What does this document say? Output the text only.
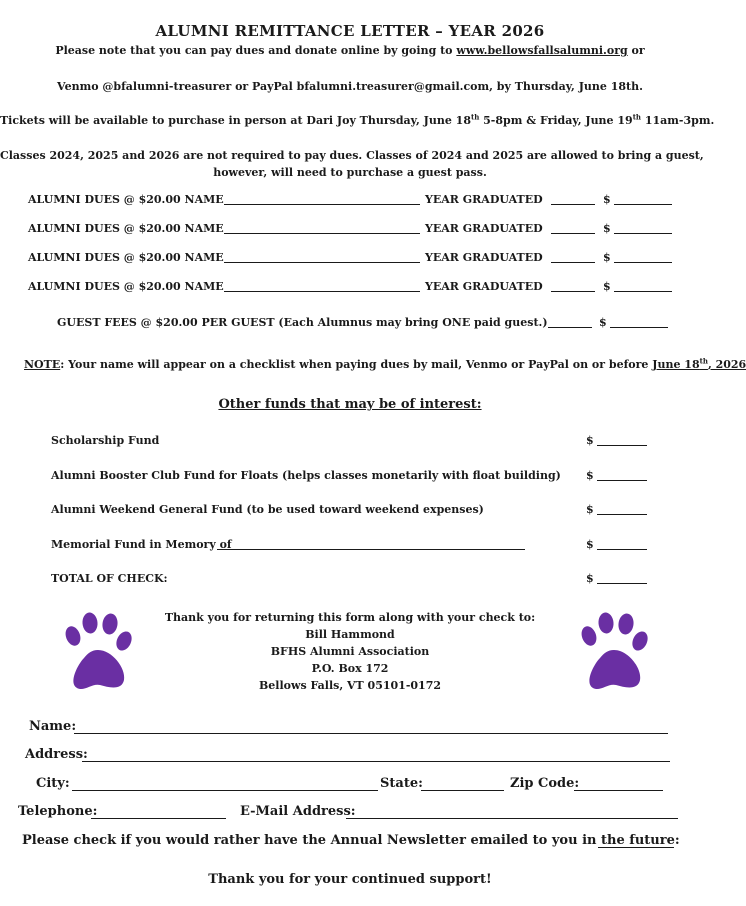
ALUMNI REMITTANCE LETTER – YEAR 2026
Please note that you can pay dues and donate online by going to www.bellowsfallsalumni.org or
Venmo @bfalumni-treasurer or PayPal bfalumni.treasurer@gmail.com, by Thursday, June 18th.
Tickets will be available to purchase in person at Dari Joy Thursday, June 18th 5-8pm & Friday, June 19th 11am-3pm.
Classes 2024, 2025 and 2026 are not required to pay dues. Classes of 2024 and 2025 are allowed to bring a guest,
however, will need to purchase a guest pass.
ALUMNI DUES @ $20.00 NAME	YEAR GRADUATED	$
ALUMNI DUES @ $20.00 NAME	YEAR GRADUATED	$
ALUMNI DUES @ $20.00 NAME	YEAR GRADUATED	$
ALUMNI DUES @ $20.00 NAME	YEAR GRADUATED	$
GUEST FEES @ $20.00 PER GUEST (Each Alumnus may bring ONE paid guest.)	$
NOTE: Your name will appear on a checklist when paying dues by mail, Venmo or PayPal on or before June 18th, 2026
Other funds that may be of interest:
Scholarship Fund	$
Alumni Booster Club Fund for Floats (helps classes monetarily with float building) $
Alumni Weekend General Fund (to be used toward weekend expenses)	$
Memorial Fund in Memory of	$
TOTAL OF CHECK:	$
Thank you for returning this form along with your check to:
Bill Hammond
BFHS Alumni Association
P.O. Box 172
Bellows Falls, VT 05101-0172
Name:
Address:
City:	State:	Zip Code:
Telephone:	E-Mail Address:
Please check if you would rather have the Annual Newsletter emailed to you in the future:
Thank you for your continued support!
